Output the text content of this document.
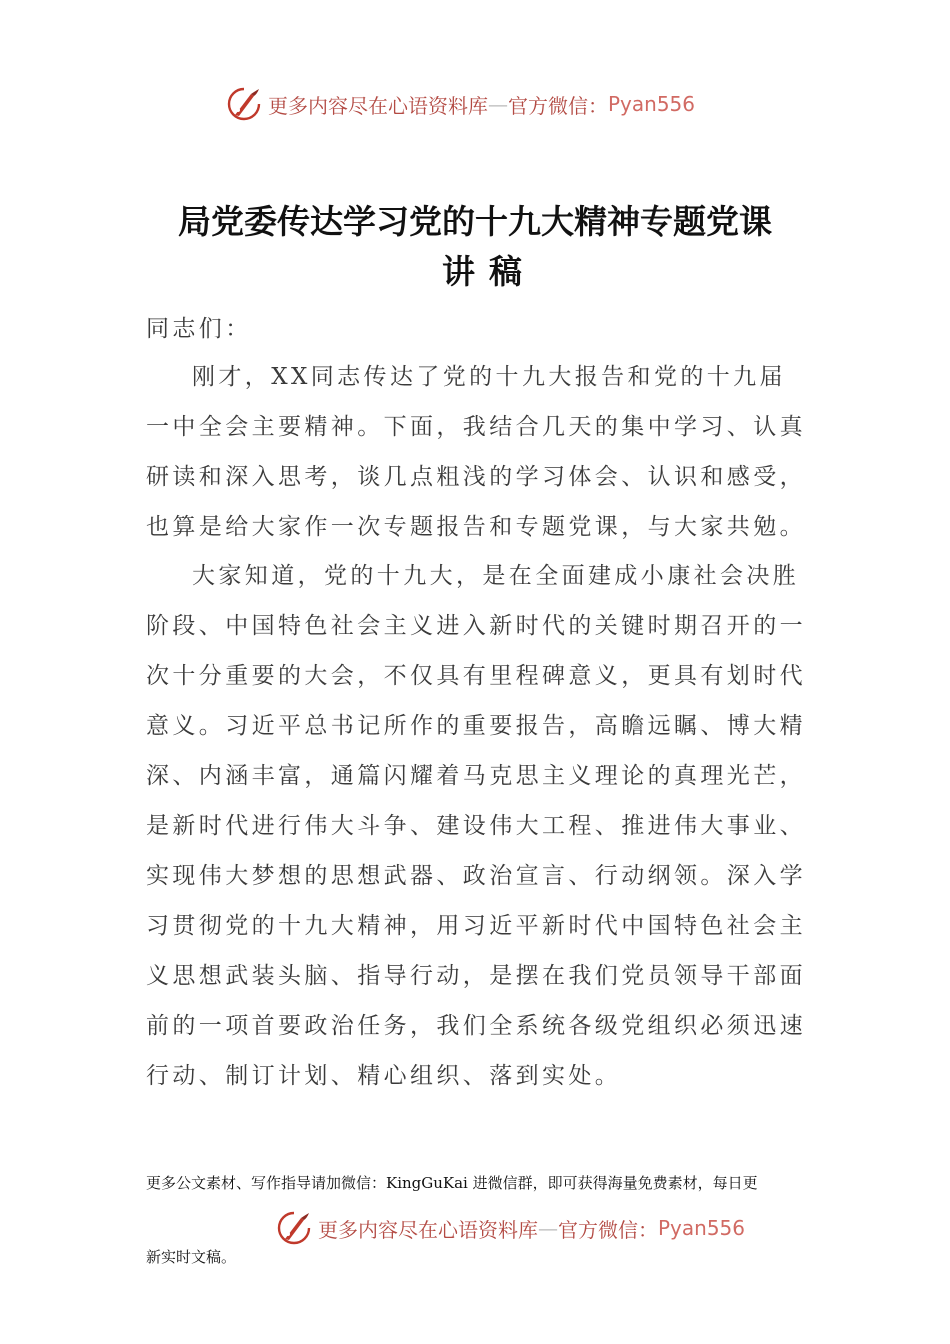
更多内容尽在心语资料库 — 官方微信： Pyan556
局党委传达学习党的十九大精神专题党课
讲稿
同志们：

刚才，XX同志传达了党的十九大报告和党的十九届一中全会主要精神。下面，我结合几天的集中学习、认真研读和深入思考，谈几点粗浅的学习体会、认识和感受，也算是给大家作一次专题报告和专题党课，与大家共勉。

大家知道，党的十九大，是在全面建成小康社会决胜阶段、中国特色社会主义进入新时代的关键时期召开的一次十分重要的大会，不仅具有里程碑意义，更具有划时代意义。习近平总书记所作的重要报告，高瞻远瞩、博大精深、内涵丰富，通篇闪耀着马克思主义理论的真理光芒，是新时代进行伟大斗争、建设伟大工程、推进伟大事业、实现伟大梦想的思想武器、政治宣言、行动纲领。深入学习贯彻党的十九大精神，用习近平新时代中国特色社会主义思想武装头脑、指导行动，是摆在我们党员领导干部面前的一项首要政治任务，我们全系统各级党组织必须迅速行动、制订计划、精心组织、落到实处。

更多公文素材、写作指导请加微信：KingGuKai 进微信群，即可获得海量免费素材，每日更
更多内容尽在心语资料库 — 官方微信： Pyan556
新实时文稿。
